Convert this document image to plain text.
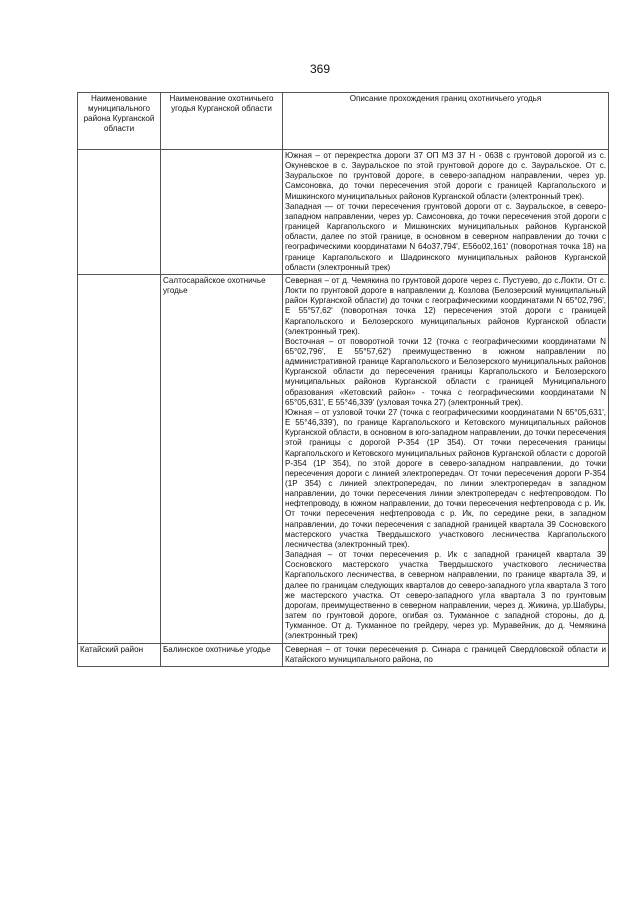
369
Наименование муниципального района Курганской области	Наименование охотничьего угодья Курганской области	Описание прохождения границ охотничьего угодья

		Южная – от перекрестка дороги 37 ОП МЗ 37 Н - 0638 с грунтовой дорогой из с. Окуневское в с. Зауральское по этой грунтовой дороге до с. Зауральское. От с. Зауральское по грунтовой дороге, в северо-западном направлении, через ур. Самсоновка, до точки пересечения этой дороги с границей Каргапольского и Мишкинского муниципальных районов Курганской области (электронный трек).

Западная — от точки пересечения грунтовой дороги от с. Зауральское, в северо-западном направлении, через ур. Самсоновка, до точки пересечения этой дороги с границей Каргапольского и Мишкинских муниципальных районов Курганской области, далее по этой границе, в основном в северном направлении до точки с географическими координатами N 64о37,794', Е56о02,161' (поворотная точка 18) на границе Каргапольского и Шадринского муниципальных районов Курганской области (электронный трек)

	Салтосарайское охотничье угодье	Северная – от д. Чемякина по грунтовой дороге через с. Пустуево, до с.Локти. От с. Локти по грунтовой дороге в направлении д. Козлова (Белозерский муниципальный район Курганской области) до точки с географическими координатами N 65°02,796', Е 55°57,62' (поворотная точка 12) пересечения этой дороги с границей Каргапольского и Белозерского муниципальных районов Курганской области (электронный трек).

Восточная – от поворотной точки 12 (точка с географическими координатами N 65°02,796', Е 55°57,62') преимущественно в южном направлении по административной границе Каргапольского и Белозерского муниципальных районов Курганской области до пересечения границы Каргапольского и Белозерского муниципальных районов Курганской области с границей Муниципального образования «Кетовский район» - точка с географическими координатами N 65°05,631', Е 55°46,339' (узловая точка 27) (электронный трек).

Южная – от узловой точки 27 (точка с географическими координатами N 65°05,631', Е 55°46,339'), по границе Каргапольского и Кетовского муниципальных районов Курганской области, в основном в юго-западном направлении, до точки пересечения этой границы с дорогой Р-354 (1Р 354). От точки пересечения границы Каргапольского и Кетовского муниципальных районов Курганской области с дорогой Р-354 (1Р 354), по этой дороге в северо-западном направлении, до точки пересечения дороги с линией электропередач. От точки пересечения дороги Р-354 (1Р 354) с линией электропередач, по линии электропередач в западном направлении, до точки пересечения линии электропередач с нефтепроводом. По нефтепроводу, в южном направлении, до точки пересечения нефтепровода с р. Ик. От точки пересечения нефтепровода с р. Ик, по середине реки, в западном направлении, до точки пересечения с западной границей квартала 39 Сосновского мастерского участка Твердышского участкового лесничества Каргапольского лесничества (электронный трек).

Западная – от точки пересечения р. Ик с западной границей квартала 39 Сосновского мастерского участка Твердышского участкового лесничества Каргапольского лесничества, в северном направлении, по границе квартала 39, и далее по границам следующих кварталов до северо-западного угла квартала 3 того же мастерского участка. От северо-западного угла квартала 3 по грунтовым дорогам, преимущественно в северном направлении, через д. Жикина, ур.Шабуры, затем по грунтовой дороге, огибая оз. Тукманное с западной стороны, до д. Тукманное. От д. Тукманное по грейдеру, через ур. Муравейник, до д. Чемякина (электронный трек)

Катайский район	Балинское охотничье угодье	Северная – от точки пересечения р. Синара с границей Свердловской области и Катайского муниципального района, по
